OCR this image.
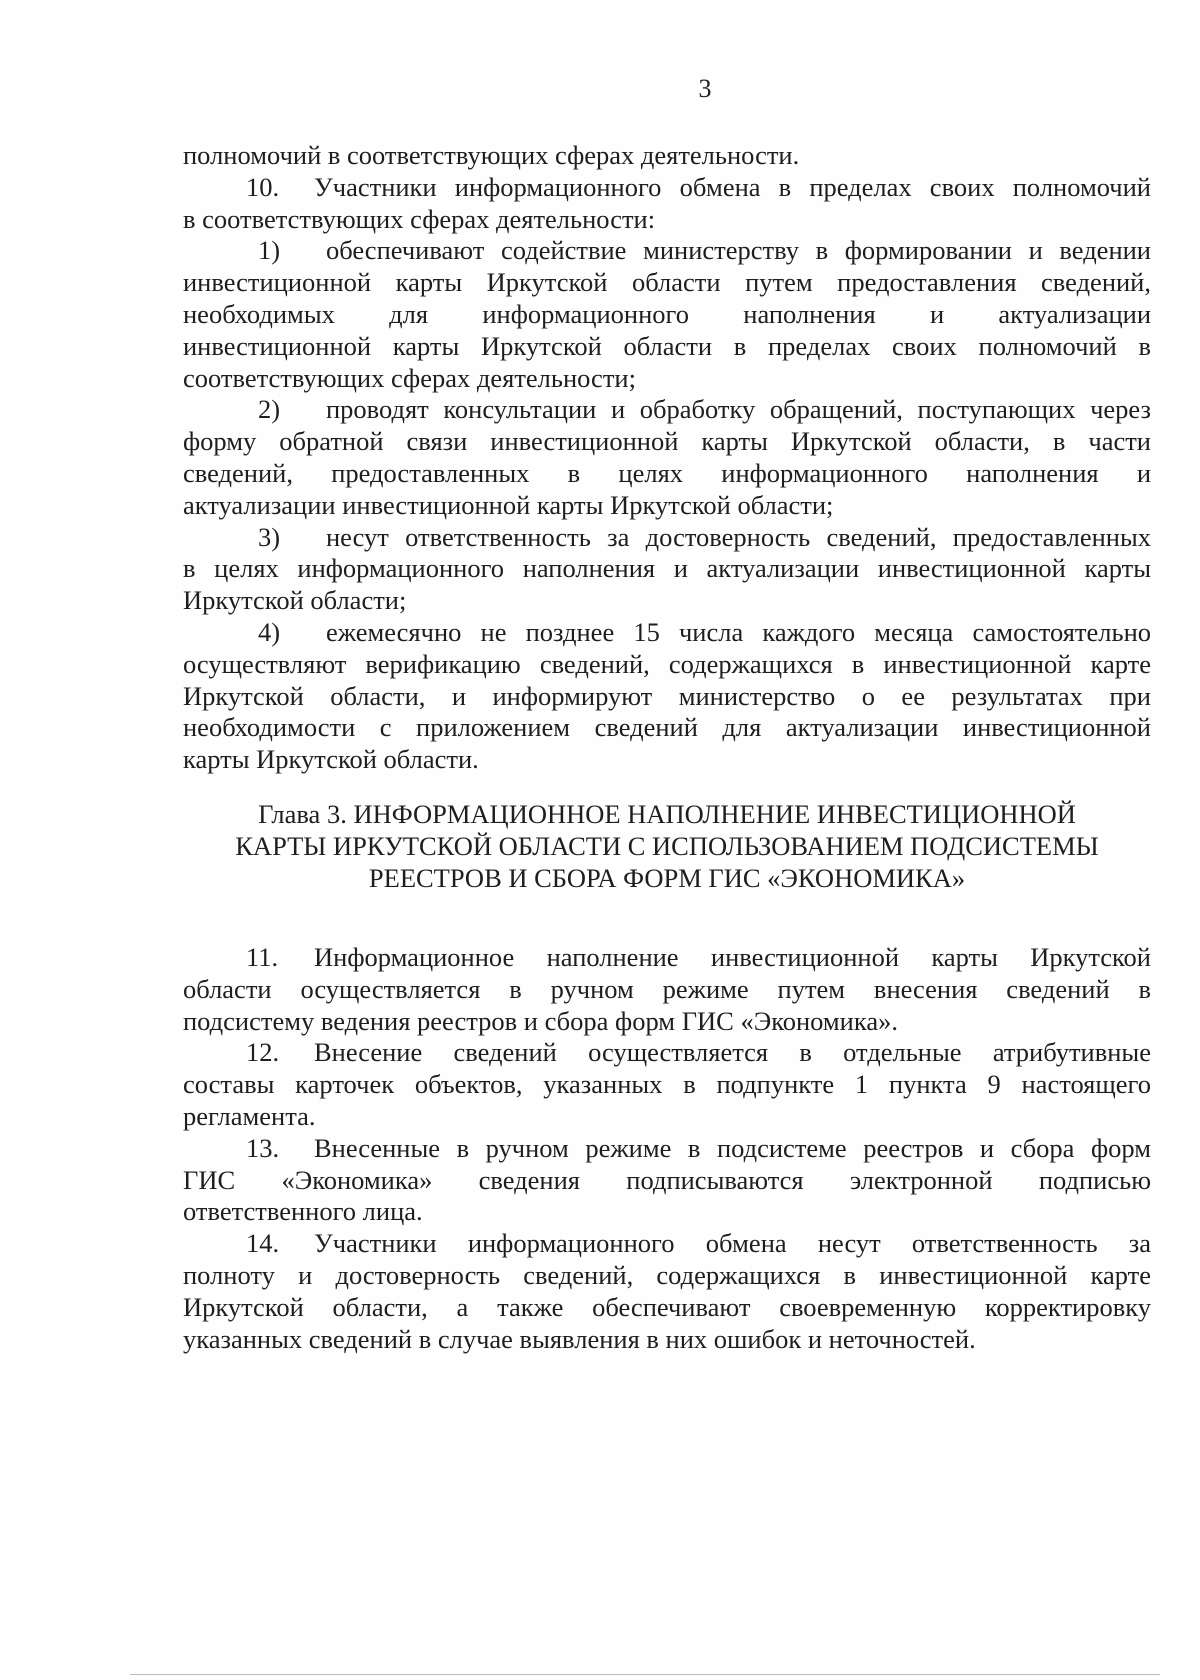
3
полномочий в соответствующих сферах деятельности.
10. Участники информационного обмена в пределах своих полномочий
в соответствующих сферах деятельности:
1) обеспечивают содействие министерству в формировании и ведении
инвестиционной карты Иркутской области путем предоставления сведений,
необходимых для информационного наполнения и актуализации
инвестиционной карты Иркутской области в пределах своих полномочий в
соответствующих сферах деятельности;
2) проводят консультации и обработку обращений, поступающих через
форму обратной связи инвестиционной карты Иркутской области, в части
сведений, предоставленных в целях информационного наполнения и
актуализации инвестиционной карты Иркутской области;
3) несут ответственность за достоверность сведений, предоставленных
в целях информационного наполнения и актуализации инвестиционной карты
Иркутской области;
4) ежемесячно не позднее 15 числа каждого месяца самостоятельно
осуществляют верификацию сведений, содержащихся в инвестиционной карте
Иркутской области, и информируют министерство о ее результатах при
необходимости с приложением сведений для актуализации инвестиционной
карты Иркутской области.
Глава 3. ИНФОРМАЦИОННОЕ НАПОЛНЕНИЕ ИНВЕСТИЦИОННОЙ
КАРТЫ ИРКУТСКОЙ ОБЛАСТИ С ИСПОЛЬЗОВАНИЕМ ПОДСИСТЕМЫ
РЕЕСТРОВ И СБОРА ФОРМ ГИС «ЭКОНОМИКА»
11. Информационное наполнение инвестиционной карты Иркутской
области осуществляется в ручном режиме путем внесения сведений в
подсистему ведения реестров и сбора форм ГИС «Экономика».
12. Внесение сведений осуществляется в отдельные атрибутивные
составы карточек объектов, указанных в подпункте 1 пункта 9 настоящего
регламента.
13. Внесенные в ручном режиме в подсистеме реестров и сбора форм
ГИС «Экономика» сведения подписываются электронной подписью
ответственного лица.
14. Участники информационного обмена несут ответственность за
полноту и достоверность сведений, содержащихся в инвестиционной карте
Иркутской области, а также обеспечивают своевременную корректировку
указанных сведений в случае выявления в них ошибок и неточностей.
